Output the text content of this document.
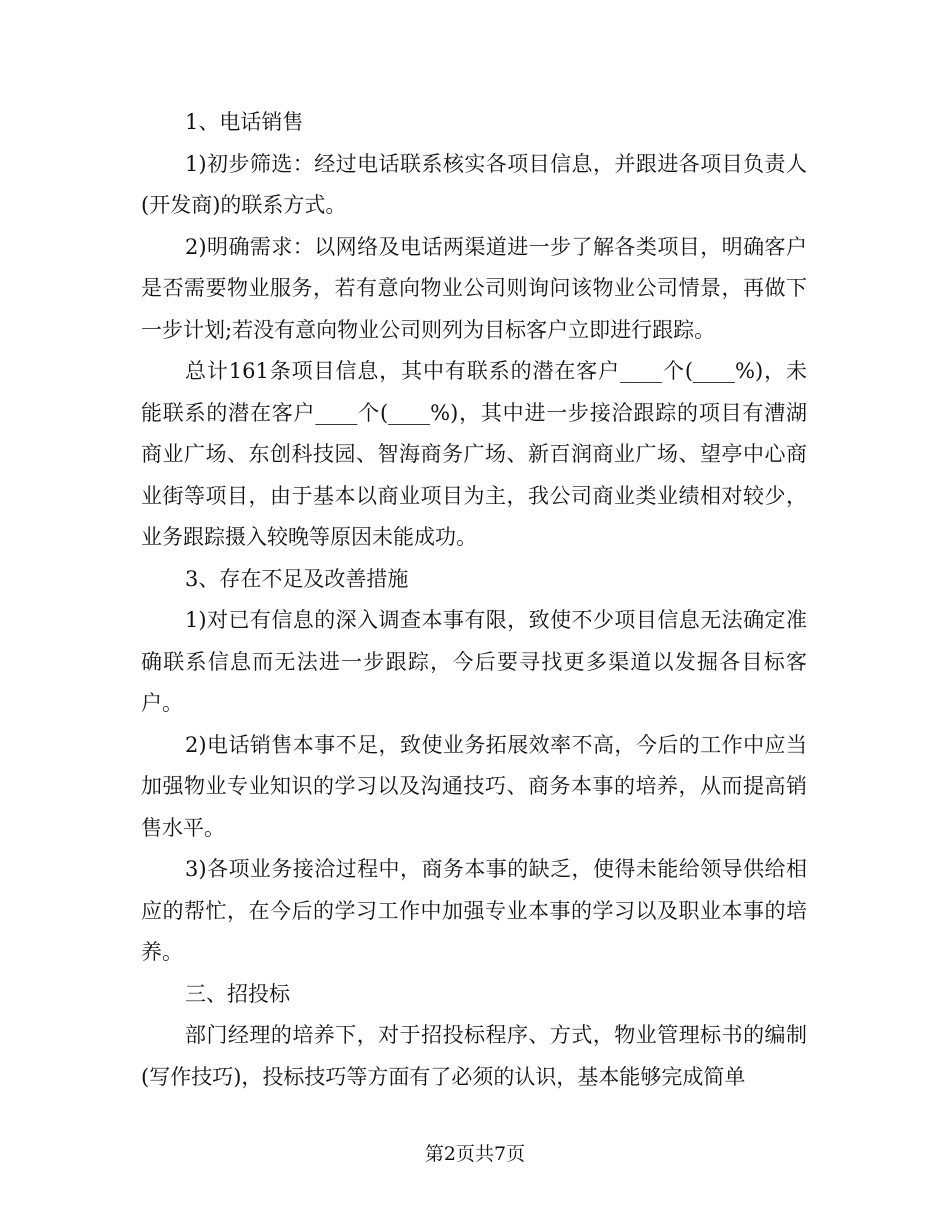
1、电话销售

1)初步筛选：经过电话联系核实各项目信息，并跟进各项目负责人(开发商)的联系方式。

2)明确需求：以网络及电话两渠道进一步了解各类项目，明确客户是否需要物业服务，若有意向物业公司则询问该物业公司情景，再做下一步计划;若没有意向物业公司则列为目标客户立即进行跟踪。

总计161条项目信息，其中有联系的潜在客户____个(____%)，未能联系的潜在客户____个(____%)，其中进一步接洽跟踪的项目有漕湖商业广场、东创科技园、智海商务广场、新百润商业广场、望亭中心商业街等项目，由于基本以商业项目为主，我公司商业类业绩相对较少，业务跟踪摄入较晚等原因未能成功。

3、存在不足及改善措施

1)对已有信息的深入调查本事有限，致使不少项目信息无法确定准确联系信息而无法进一步跟踪，今后要寻找更多渠道以发掘各目标客户。

2)电话销售本事不足，致使业务拓展效率不高，今后的工作中应当加强物业专业知识的学习以及沟通技巧、商务本事的培养，从而提高销售水平。

3)各项业务接洽过程中，商务本事的缺乏，使得未能给领导供给相应的帮忙，在今后的学习工作中加强专业本事的学习以及职业本事的培养。

三、招投标

部门经理的培养下，对于招投标程序、方式，物业管理标书的编制(写作技巧)，投标技巧等方面有了必须的认识，基本能够完成简单

第2页共7页
